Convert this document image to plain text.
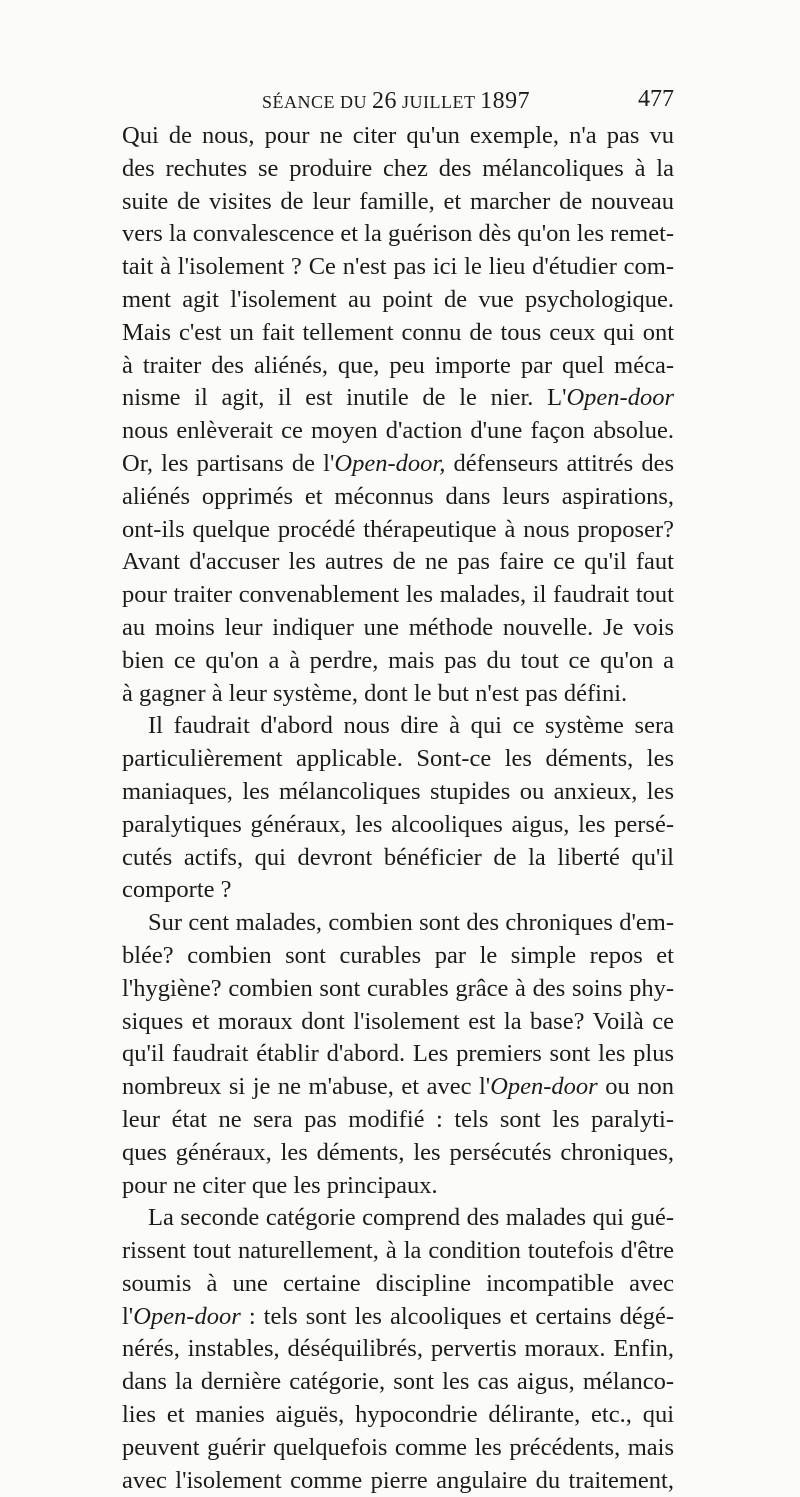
SÉANCE DU 26 JUILLET 1897	477
Qui de nous, pour ne citer qu'un exemple, n'a pas vu
des rechutes se produire chez des mélancoliques à la
suite de visites de leur famille, et marcher de nouveau
vers la convalescence et la guérison dès qu'on les remet-
tait à l'isolement ? Ce n'est pas ici le lieu d'étudier com-
ment agit l'isolement au point de vue psychologique.
Mais c'est un fait tellement connu de tous ceux qui ont
à traiter des aliénés, que, peu importe par quel méca-
nisme il agit, il est inutile de le nier. L'Open-door
nous enlèverait ce moyen d'action d'une façon absolue.
Or, les partisans de l'Open-door, défenseurs attitrés des
aliénés opprimés et méconnus dans leurs aspirations,
ont-ils quelque procédé thérapeutique à nous proposer?
Avant d'accuser les autres de ne pas faire ce qu'il faut
pour traiter convenablement les malades, il faudrait tout
au moins leur indiquer une méthode nouvelle. Je vois
bien ce qu'on a à perdre, mais pas du tout ce qu'on a
à gagner à leur système, dont le but n'est pas défini.
Il faudrait d'abord nous dire à qui ce système sera
particulièrement applicable. Sont-ce les déments, les
maniaques, les mélancoliques stupides ou anxieux, les
paralytiques généraux, les alcooliques aigus, les persé-
cutés actifs, qui devront bénéficier de la liberté qu'il
comporte ?
Sur cent malades, combien sont des chroniques d'em-
blée? combien sont curables par le simple repos et
l'hygiène? combien sont curables grâce à des soins phy-
siques et moraux dont l'isolement est la base? Voilà ce
qu'il faudrait établir d'abord. Les premiers sont les plus
nombreux si je ne m'abuse, et avec l'Open-door ou non
leur état ne sera pas modifié : tels sont les paralyti-
ques généraux, les déments, les persécutés chroniques,
pour ne citer que les principaux.
La seconde catégorie comprend des malades qui gué-
rissent tout naturellement, à la condition toutefois d'être
soumis à une certaine discipline incompatible avec
l'Open-door : tels sont les alcooliques et certains dégé-
nérés, instables, déséquilibrés, pervertis moraux. Enfin,
dans la dernière catégorie, sont les cas aigus, mélanco-
lies et manies aiguës, hypocondrie délirante, etc., qui
peuvent guérir quelquefois comme les précédents, mais
avec l'isolement comme pierre angulaire du traitement,
